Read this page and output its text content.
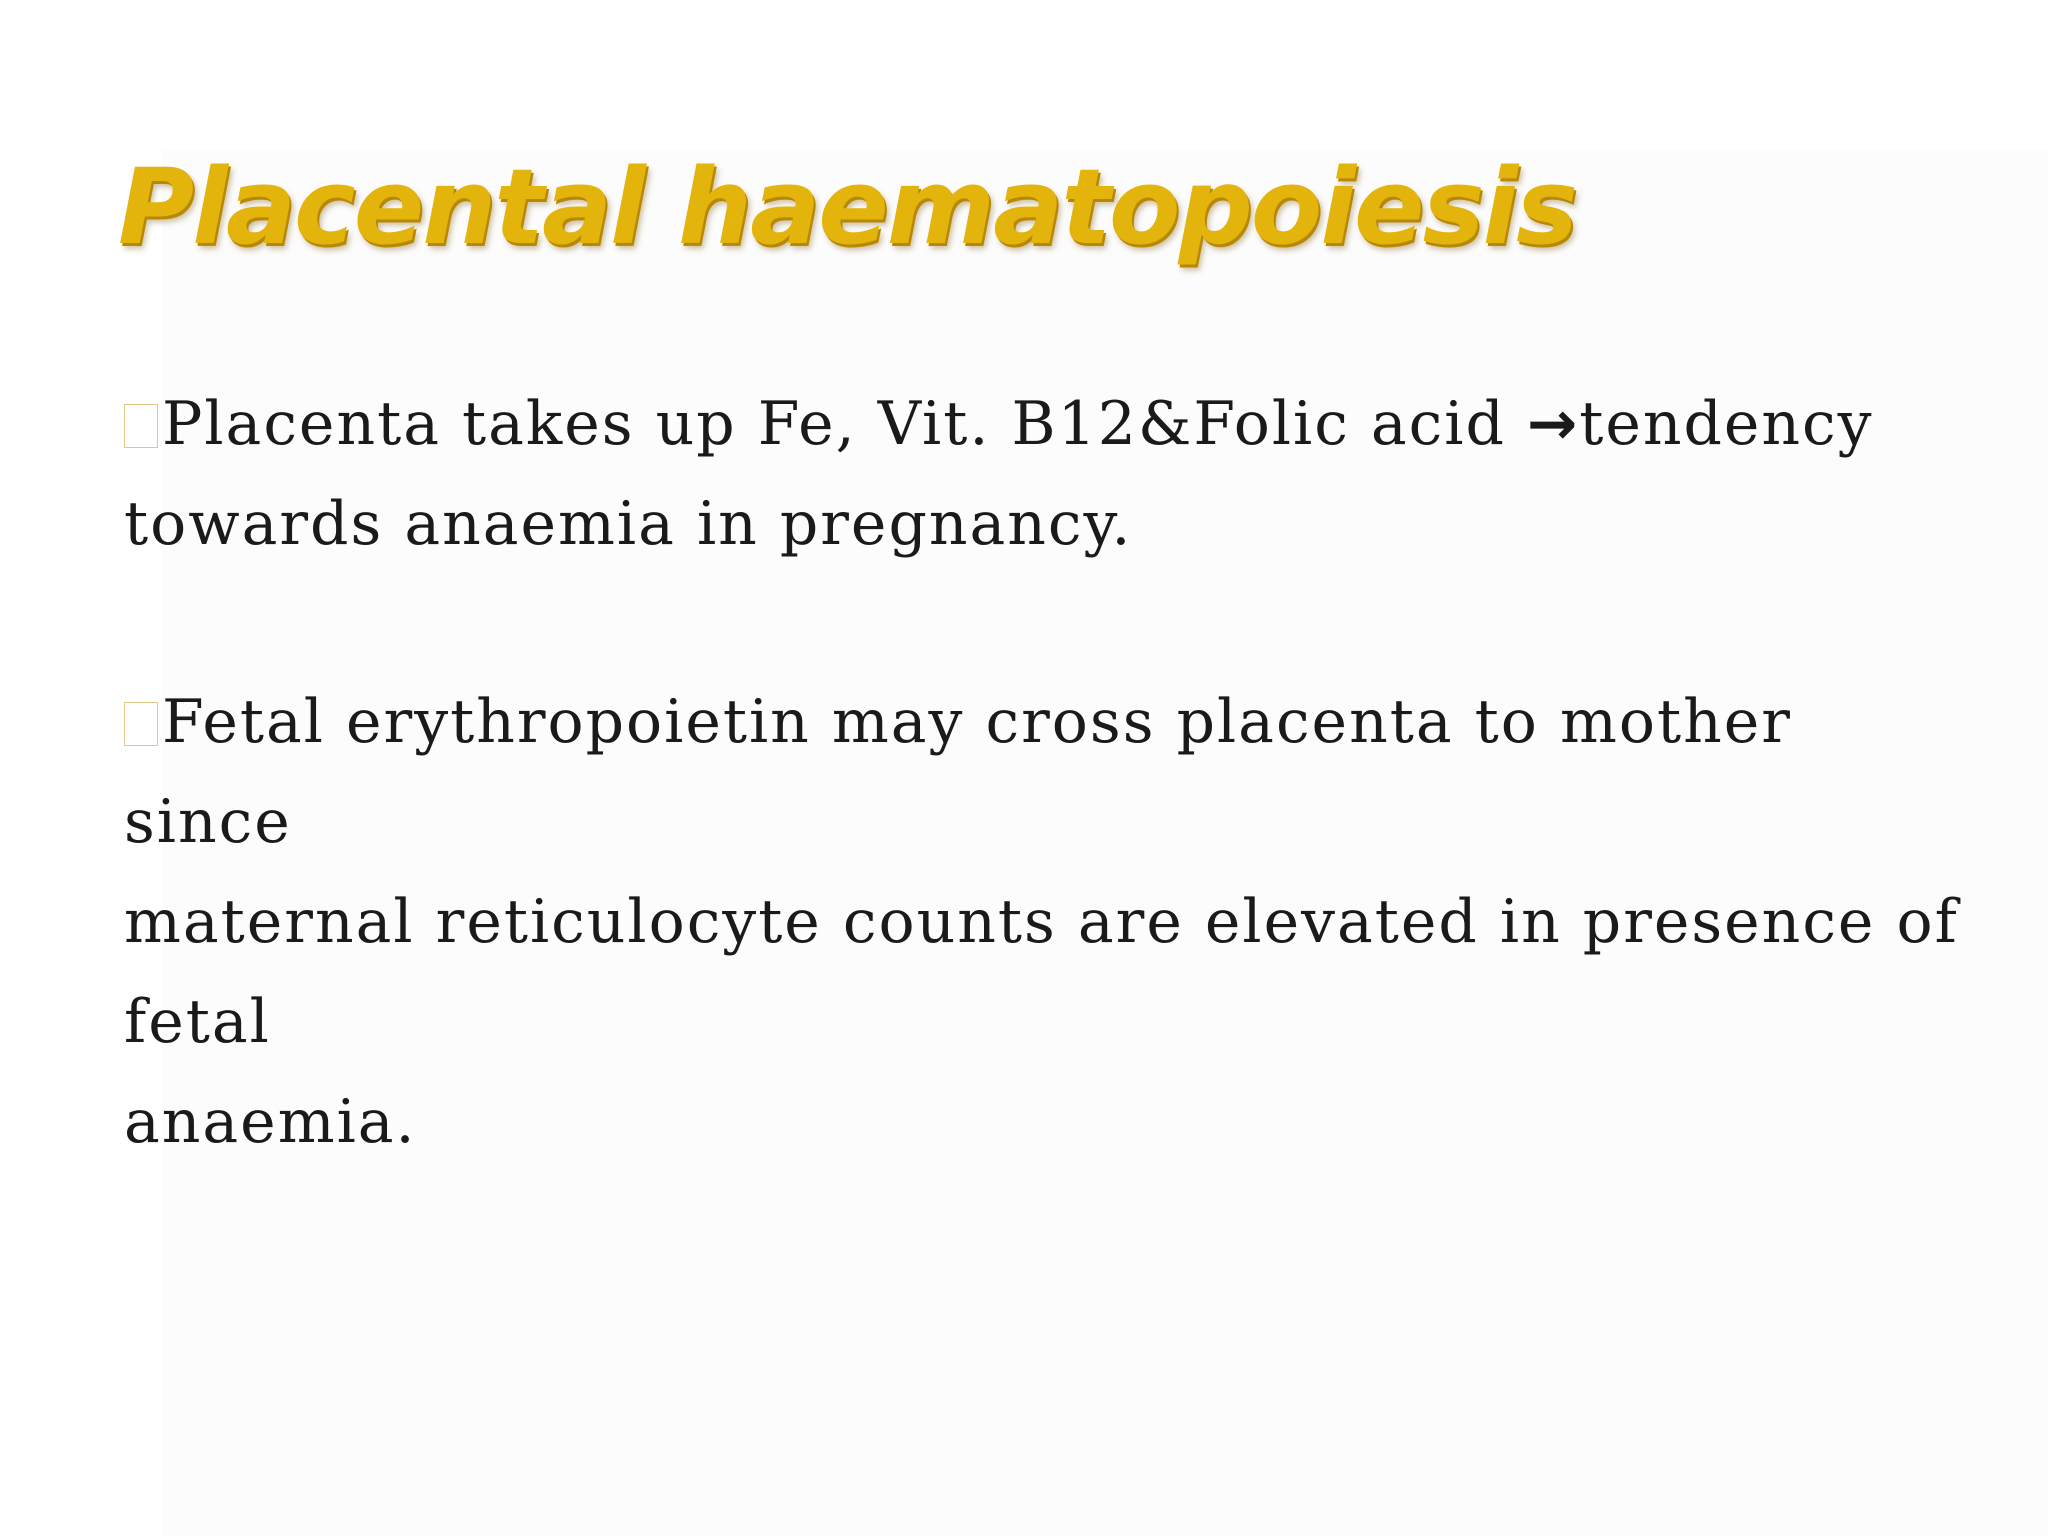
Placental haematopoiesis

Placenta takes up Fe, Vit. B12&Folic acid →tendency
towards anaemia in pregnancy.

Fetal erythropoietin may cross placenta to mother since
maternal reticulocyte counts are elevated in presence of fetal
anaemia.
